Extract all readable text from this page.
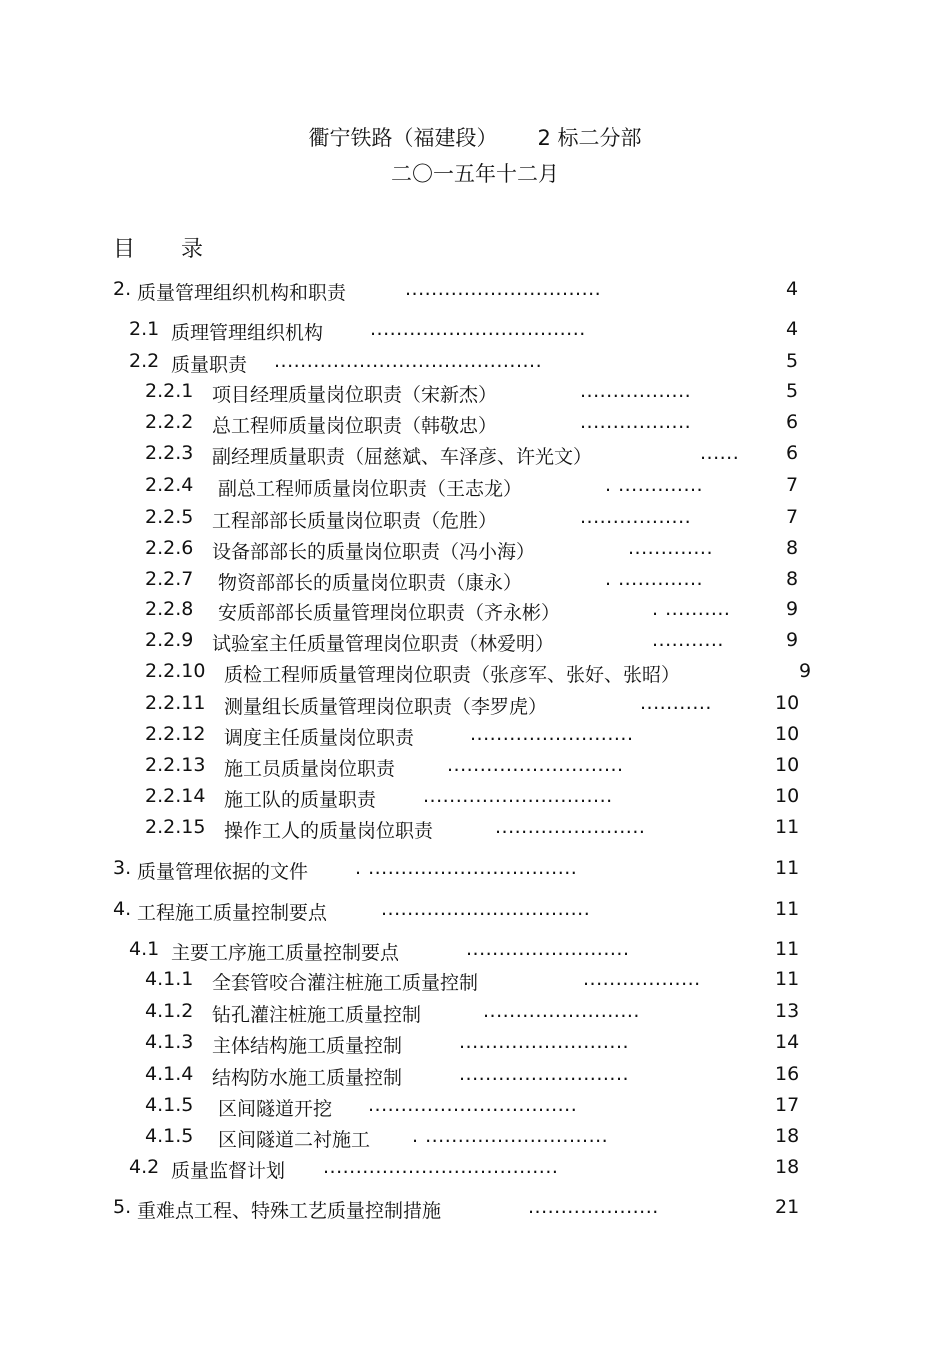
衢宁铁路（福建段） 2 标二分部
二〇一五年十二月
目 录
2. 质量管理组织机构和职责	..............................	4
2.1 质理管理组织机构 .................................	4
2.2 质量职责 .........................................	5
2.2.1 项目经理质量岗位职责（宋新杰）	.................	5
2.2.2 总工程师质量岗位职责（韩敬忠）	.................	6
2.2.3 副经理质量职责（屈慈斌、车泽彦、许光文）	...... 6
2.2.4 副总工程师质量岗位职责（王志龙）	. .............	7
2.2.5 工程部部长质量岗位职责（危胜）	.................	7
2.2.6 设备部部长的质量岗位职责（冯小海）	.............	8
2.2.7 物资部部长的质量岗位职责（康永）	. .............	8
2.2.8 安质部部长质量管理岗位职责（齐永彬）	. ..........	9
2.2.9 试验室主任质量管理岗位职责（林爱明）	...........	9
2.2.10 质检工程师质量管理岗位职责（张彦军、张好、张昭）	9
2.2.11 测量组长质量管理岗位职责（李罗虎）	...........	10
2.2.12 调度主任质量岗位职责	.........................	10
2.2.13 施工员质量岗位职责	...........................	10
2.2.14 施工队的质量职责 .............................	10
2.2.15 操作工人的质量岗位职责	.......................	11
3. 质量管理依据的文件 . ................................	11
4. 工程施工质量控制要点	................................	11
4.1 主要工序施工质量控制要点	.........................	11
4.1.1 全套管咬合灌注桩施工质量控制	..................	11
4.1.2 钻孔灌注桩施工质量控制	........................	13
4.1.3 主体结构施工质量控制	..........................	14
4.1.4 结构防水施工质量控制	..........................	16
4.1.5 区间隧道开挖 ................................	17
4.1.5 区间隧道二衬施工 . ............................	18
4.2 质量监督计划 ....................................	18
5. 重难点工程、特殊工艺质量控制措施	....................	21
